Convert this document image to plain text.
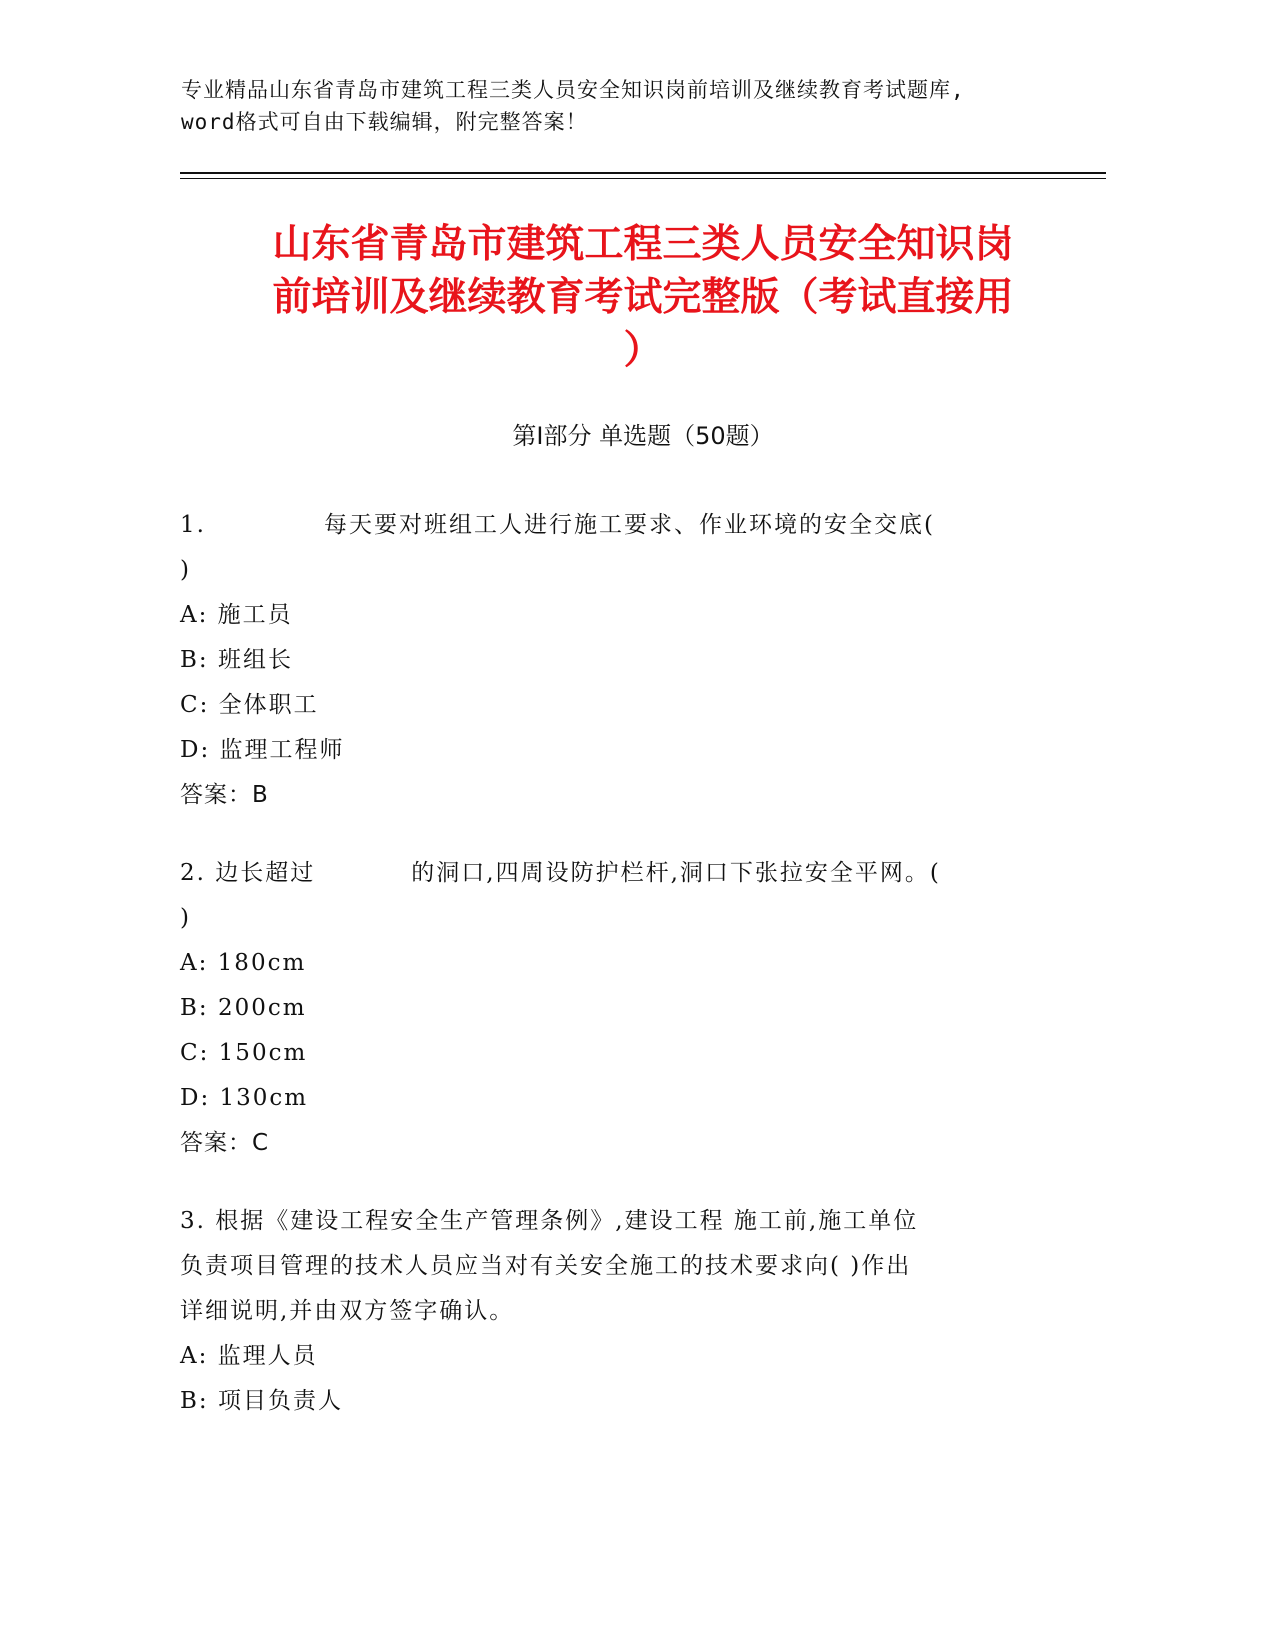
专业精品山东省青岛市建筑工程三类人员安全知识岗前培训及继续教育考试题库,
word格式可自由下载编辑，附完整答案！
山东省青岛市建筑工程三类人员安全知识岗
前培训及继续教育考试完整版（考试直接用
）
第Ⅰ部分 单选题（50题）
1.	每天要对班组工人进行施工要求、作业环境的安全交底(
)
A: 施工员
B: 班组长
C: 全体职工
D: 监理工程师
答案：B
2. 边长超过	的洞口,四周设防护栏杆,洞口下张拉安全平网。(
)
A: 180cm
B: 200cm
C: 150cm
D: 130cm
答案：C
3. 根据《建设工程安全生产管理条例》,建设工程 施工前,施工单位
负责项目管理的技术人员应当对有关安全施工的技术要求向( )作出
详细说明,并由双方签字确认。
A: 监理人员
B: 项目负责人
